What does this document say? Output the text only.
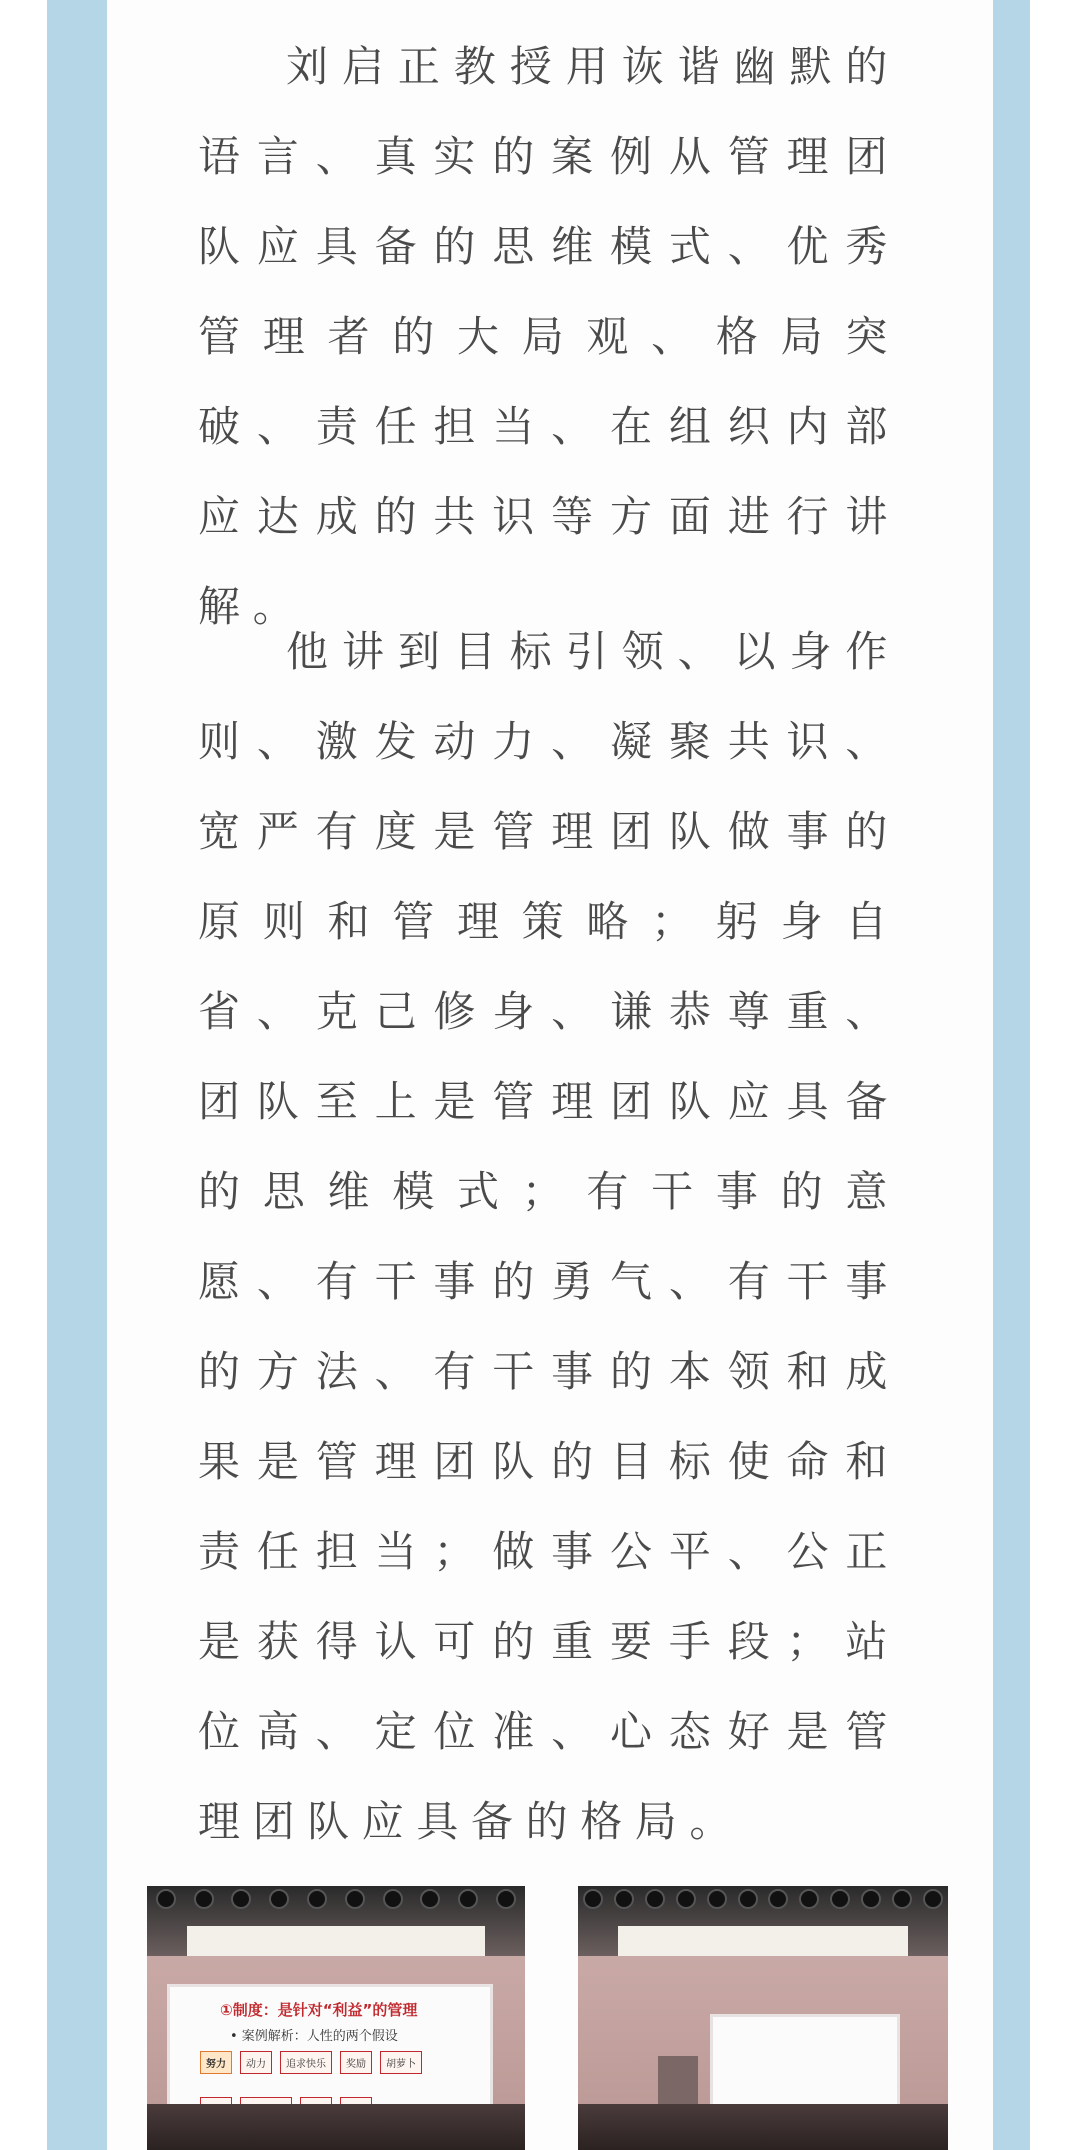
刘启正教授用诙谐幽默的语言、真实的案例从管理团队应具备的思维模式、优秀管理者的大局观、格局突破、责任担当、在组织内部应达成的共识等方面进行讲解。

他讲到目标引领、以身作则、激发动力、凝聚共识、宽严有度是管理团队做事的原则和管理策略；躬身自省、克己修身、谦恭尊重、团队至上是管理团队应具备的思维模式；有干事的意愿、有干事的勇气、有干事的方法、有干事的本领和成果是管理团队的目标使命和责任担当；做事公平、公正是获得认可的重要手段；站位高、定位准、心态好是管理团队应具备的格局。

①制度：是针对“利益”的管理
• 案例解析：人性的两个假设
努力	动力	追求快乐	奖励	胡萝卜
